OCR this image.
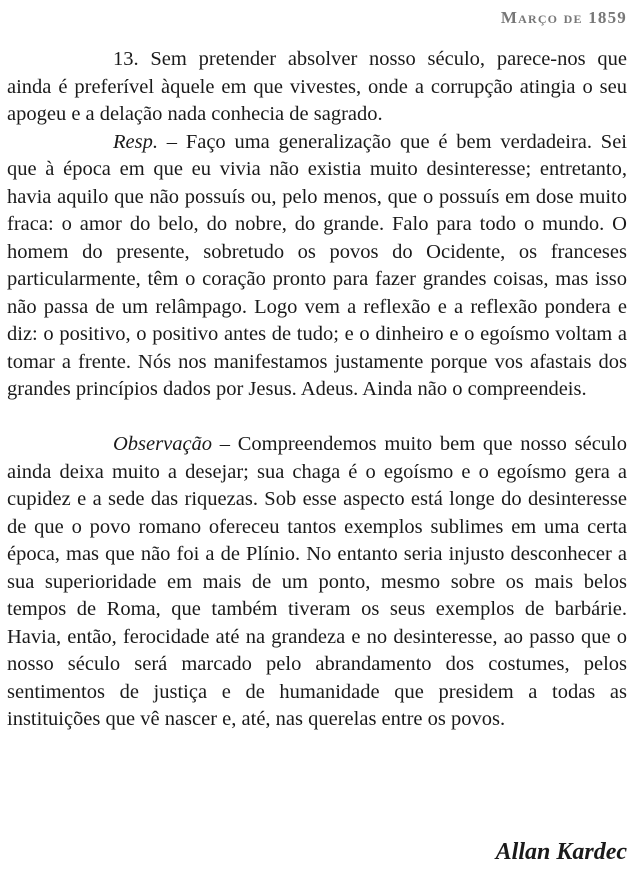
Março de 1859

13. Sem pretender absolver nosso século, parece-nos que ainda é preferível àquele em que vivestes, onde a corrupção atingia o seu apogeu e a delação nada conhecia de sagrado.

Resp. – Faço uma generalização que é bem verdadeira. Sei que à época em que eu vivia não existia muito desinteresse; entretanto, havia aquilo que não possuís ou, pelo menos, que o possuís em dose muito fraca: o amor do belo, do nobre, do grande. Falo para todo o mundo. O homem do presente, sobretudo os povos do Ocidente, os franceses particularmente, têm o coração pronto para fazer grandes coisas, mas isso não passa de um relâmpago. Logo vem a reflexão e a reflexão pondera e diz: o positivo, o positivo antes de tudo; e o dinheiro e o egoísmo voltam a tomar a frente. Nós nos manifestamos justamente porque vos afastais dos grandes princípios dados por Jesus. Adeus. Ainda não o compreendeis.

Observação – Compreendemos muito bem que nosso século ainda deixa muito a desejar; sua chaga é o egoísmo e o egoísmo gera a cupidez e a sede das riquezas. Sob esse aspecto está longe do desinteresse de que o povo romano ofereceu tantos exemplos sublimes em uma certa época, mas que não foi a de Plínio. No entanto seria injusto desconhecer a sua superioridade em mais de um ponto, mesmo sobre os mais belos tempos de Roma, que também tiveram os seus exemplos de barbárie. Havia, então, ferocidade até na grandeza e no desinteresse, ao passo que o nosso século será marcado pelo abrandamento dos costumes, pelos sentimentos de justiça e de humanidade que presidem a todas as instituições que vê nascer e, até, nas querelas entre os povos.

Allan Kardec
